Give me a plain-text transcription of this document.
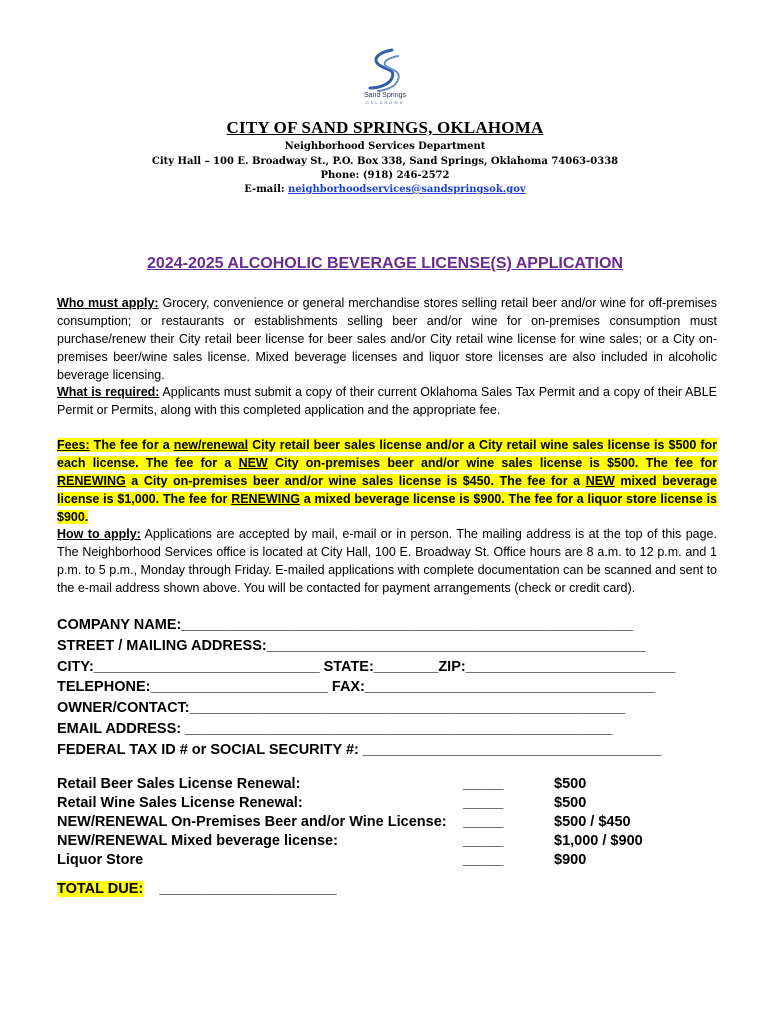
Sand Springs
OKLAHOMA
CITY OF SAND SPRINGS, OKLAHOMA
Neighborhood Services Department
City Hall – 100 E. Broadway St., P.O. Box 338, Sand Springs, Oklahoma 74063-0338
Phone: (918) 246-2572
E-mail: neighborhoodservices@sandspringsok.gov
2024-2025 ALCOHOLIC BEVERAGE LICENSE(S) APPLICATION
Who must apply: Grocery, convenience or general merchandise stores selling retail beer and/or wine for off-premises consumption; or restaurants or establishments selling beer and/or wine for on-premises consumption must purchase/renew their City retail beer license for beer sales and/or City retail wine license for wine sales; or a City on-premises beer/wine sales license. Mixed beverage licenses and liquor store licenses are also included in alcoholic beverage licensing.
What is required: Applicants must submit a copy of their current Oklahoma Sales Tax Permit and a copy of their ABLE Permit or Permits, along with this completed application and the appropriate fee.
Fees: The fee for a new/renewal City retail beer sales license and/or a City retail wine sales license is $500 for each license. The fee for a NEW City on-premises beer and/or wine sales license is $500. The fee for RENEWING a City on-premises beer and/or wine sales license is $450. The fee for a NEW mixed beverage license is $1,000. The fee for RENEWING a mixed beverage license is $900. The fee for a liquor store license is $900.
How to apply: Applications are accepted by mail, e-mail or in person. The mailing address is at the top of this page. The Neighborhood Services office is located at City Hall, 100 E. Broadway St. Office hours are 8 a.m. to 12 p.m. and 1 p.m. to 5 p.m., Monday through Friday. E-mailed applications with complete documentation can be scanned and sent to the e-mail address shown above. You will be contacted for payment arrangements (check or credit card).
COMPANY NAME:________________________________________________________
STREET / MAILING ADDRESS:_______________________________________________
CITY:____________________________ STATE:________ZIP:__________________________
TELEPHONE:______________________ FAX:____________________________________
OWNER/CONTACT:______________________________________________________
EMAIL ADDRESS: _____________________________________________________
FEDERAL TAX ID # or SOCIAL SECURITY #: _____________________________________
Retail Beer Sales License Renewal:	_____	$500
Retail Wine Sales License Renewal:	_____	$500
NEW/RENEWAL On-Premises Beer and/or Wine License: _____	$500 / $450
NEW/RENEWAL Mixed beverage license:	_____	$1,000 / $900
Liquor Store	_____	$900
TOTAL DUE: ______________________
